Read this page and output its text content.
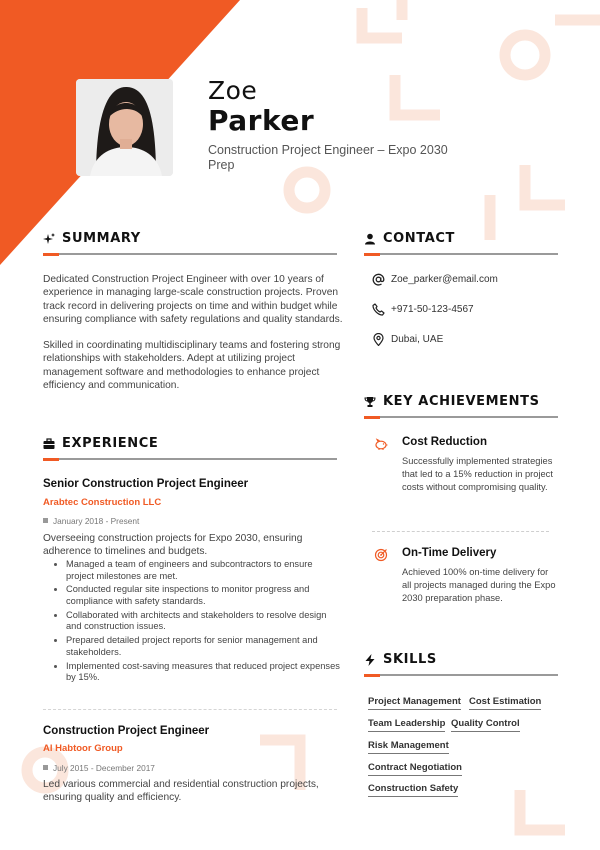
Zoe
Parker
Construction Project Engineer – Expo 2030 Prep
SUMMARY
Dedicated Construction Project Engineer with over 10 years of experience in managing large-scale construction projects. Proven track record in delivering projects on time and within budget while ensuring compliance with safety regulations and quality standards.
Skilled in coordinating multidisciplinary teams and fostering strong relationships with stakeholders. Adept at utilizing project management software and methodologies to enhance project efficiency and communication.
EXPERIENCE
Senior Construction Project Engineer
Arabtec Construction LLC
January 2018 - Present
Overseeing construction projects for Expo 2030, ensuring adherence to timelines and budgets.
Managed a team of engineers and subcontractors to ensure project milestones are met.
Conducted regular site inspections to monitor progress and compliance with safety standards.
Collaborated with architects and stakeholders to resolve design and construction issues.
Prepared detailed project reports for senior management and stakeholders.
Implemented cost-saving measures that reduced project expenses by 15%.
Construction Project Engineer
Al Habtoor Group
July 2015 - December 2017
Led various commercial and residential construction projects, ensuring quality and efficiency.
CONTACT
Zoe_parker@email.com
+971-50-123-4567
Dubai, UAE
KEY ACHIEVEMENTS
Cost Reduction
Successfully implemented strategies that led to a 15% reduction in project costs without compromising quality.
On-Time Delivery
Achieved 100% on-time delivery for all projects managed during the Expo 2030 preparation phase.
SKILLS
Project Management Cost Estimation
Team Leadership Quality Control
Risk Management
Contract Negotiation
Construction Safety
